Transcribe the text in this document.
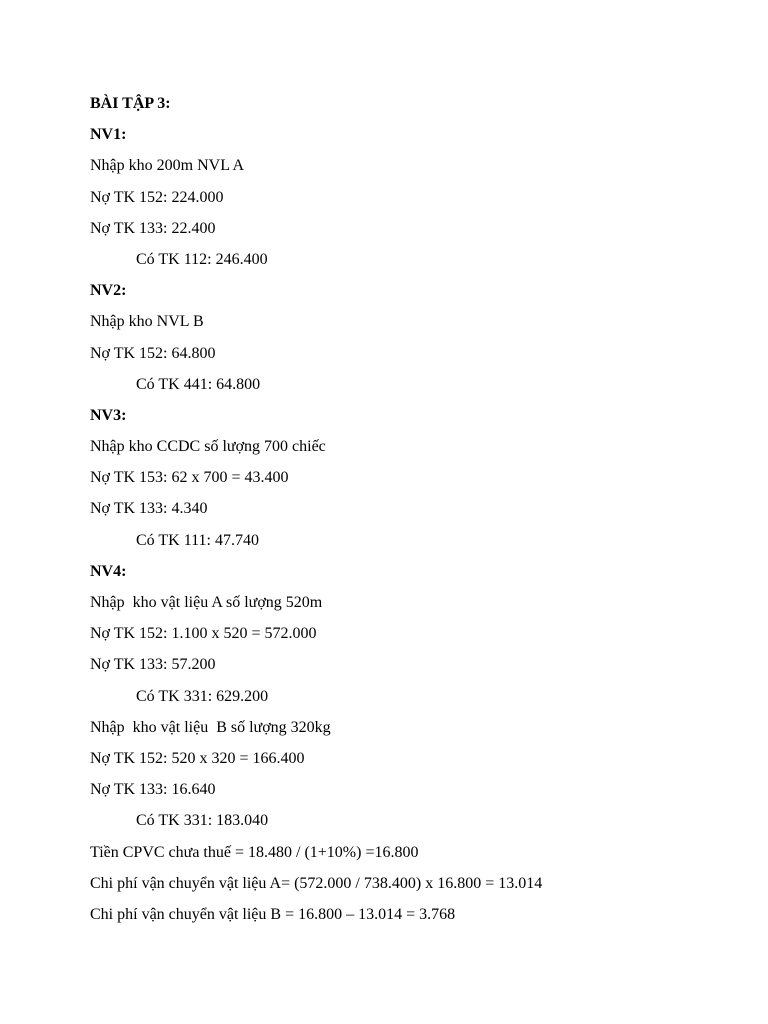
BÀI TẬP 3:
NV1:
Nhập kho 200m NVL A
Nợ TK 152: 224.000
Nợ TK 133: 22.400
Có TK 112: 246.400
NV2:
Nhập kho NVL B
Nợ TK 152: 64.800
Có TK 441: 64.800
NV3:
Nhập kho CCDC số lượng 700 chiếc
Nợ TK 153: 62 x 700 = 43.400
Nợ TK 133: 4.340
Có TK 111: 47.740
NV4:
Nhập  kho vật liệu A số lượng 520m
Nợ TK 152: 1.100 x 520 = 572.000
Nợ TK 133: 57.200
Có TK 331: 629.200
Nhập  kho vật liệu  B số lượng 320kg
Nợ TK 152: 520 x 320 = 166.400
Nợ TK 133: 16.640
Có TK 331: 183.040
Tiền CPVC chưa thuế = 18.480 / (1+10%) =16.800
Chi phí vận chuyển vật liệu A= (572.000 / 738.400) x 16.800 = 13.014
Chi phí vận chuyển vật liệu B = 16.800 – 13.014 = 3.768
